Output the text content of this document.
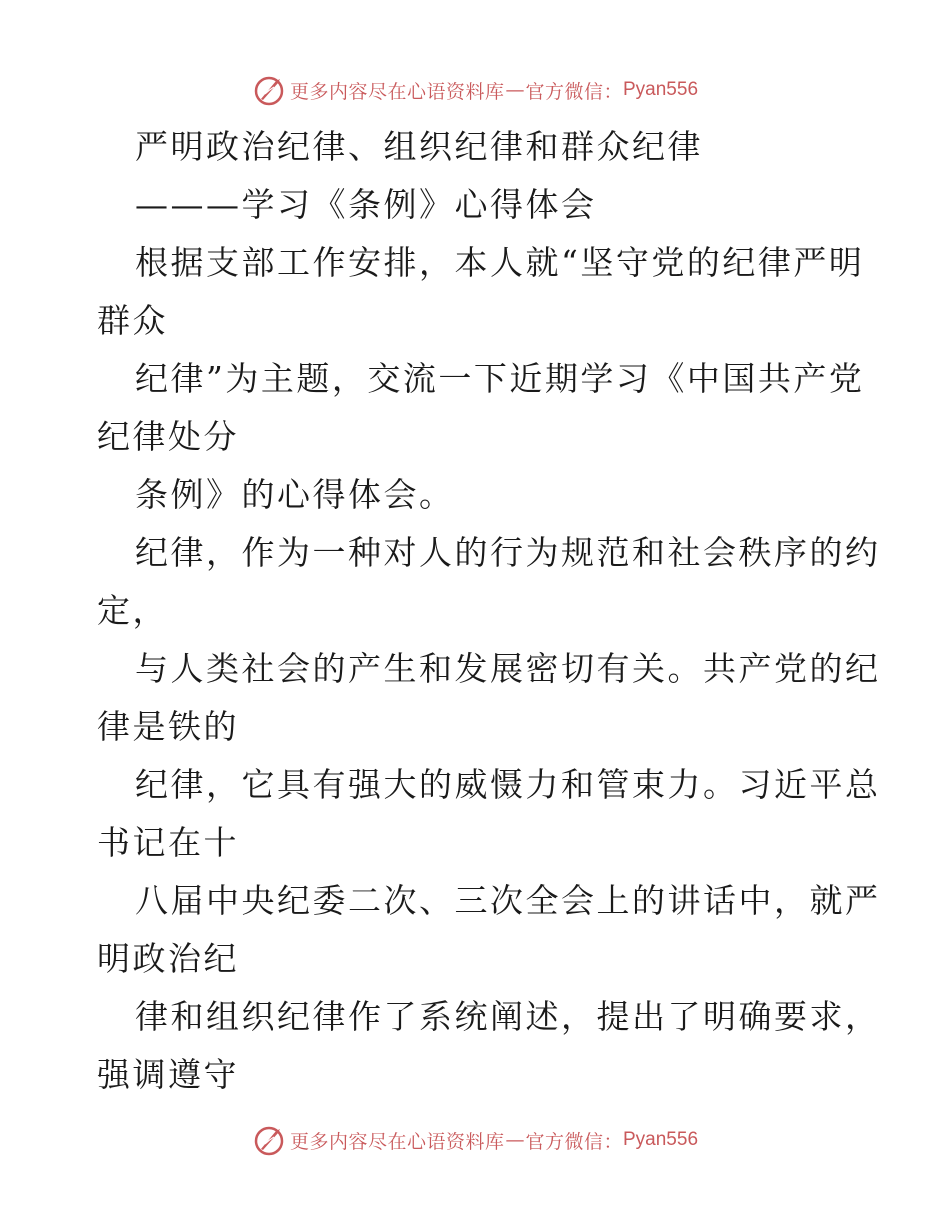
更多内容尽在心语资料库 — 官方微信： Pyan556
严明政治纪律、组织纪律和群众纪律
———学习《条例》心得体会
根据支部工作安排，本人就“坚守党的纪律严明
群众
纪律”为主题，交流一下近期学习《中国共产党
纪律处分
条例》的心得体会。
纪律，作为一种对人的行为规范和社会秩序的约
定，
与人类社会的产生和发展密切有关。共产党的纪
律是铁的
纪律，它具有强大的威慑力和管束力。习近平总
书记在十
八届中央纪委二次、三次全会上的讲话中，就严
明政治纪
律和组织纪律作了系统阐述，提出了明确要求，
强调遵守
更多内容尽在心语资料库 — 官方微信： Pyan556
